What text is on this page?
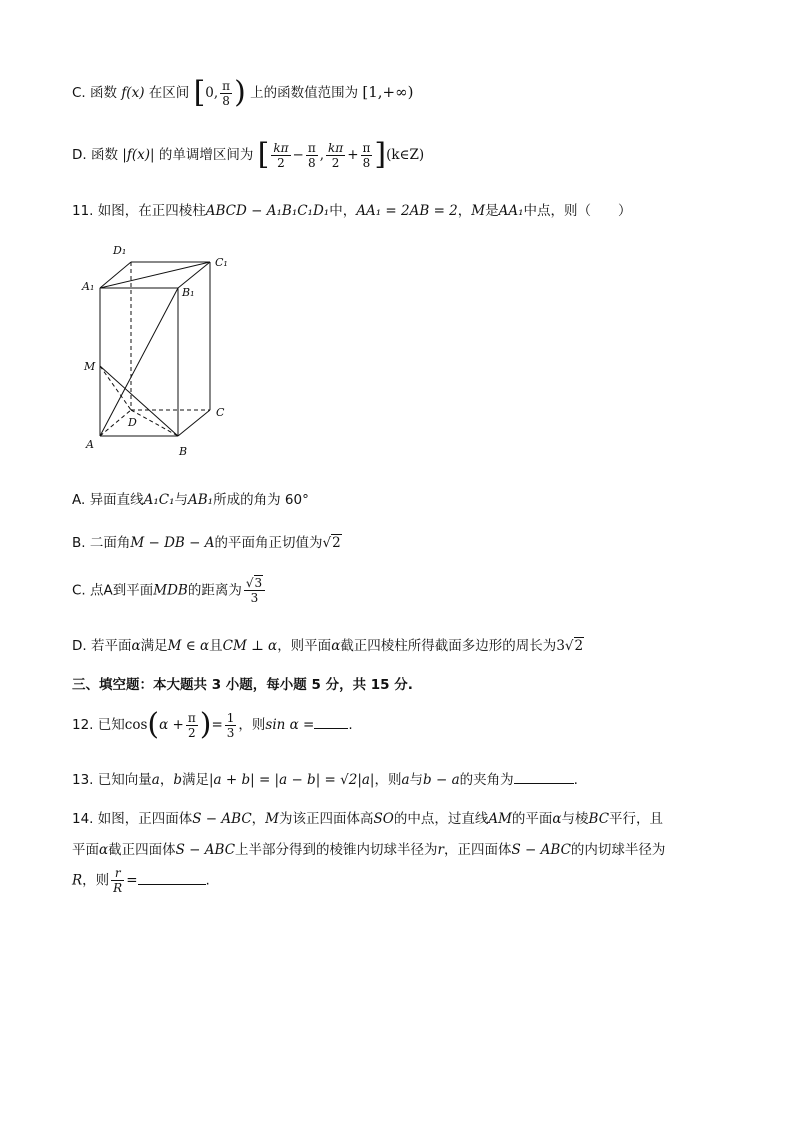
C. 函数 f(x) 在区间 [0, $\frac{\pi}{8}$ ) 上的函数值范围为 [1,+∞)
D. 函数 |f(x)| 的单调增区间为 [ $\frac{k\pi}{2} - \frac{\pi}{8}$ , $\frac{k\pi}{2} + \frac{\pi}{8}$ ](k∈Z)
11. 如图，在正四棱柱ABCD − A₁B₁C₁D₁中，AA₁ = 2AB = 2，M是AA₁中点，则（　　）
D₁
C₁
A₁	B₁
M
D
C
A
B
A. 异面直线A₁C₁与AB₁所成的角为 60°
B. 二面角M − DB − A的平面角正切值为√2
C. 点A到平面MDB的距离为 $\frac{√3}{3}$
D. 若平面α满足M ∈ α且CM ⊥ α，则平面α截正四棱柱所得截面多边形的周长为3√2
三、填空题：本大题共 3 小题，每小题 5 分，共 15 分.
12. 已知$\cos(\alpha + \frac{\pi}{2}$ )= $\frac{1}{3}$ ，则sin α =	.
13. 已知向量a，b满足|a + b| = |a − b| = √2|a|，则a与b − a的夹角为	.
14. 如图，正四面体S − ABC，M为该正四面体高SO的中点，过直线AM的平面α与棱BC平行，且
平面α截正四面体S − ABC上半部分得到的棱锥内切球半径为r，正四面体S − ABC的内切球半径为
R，则 $\frac{r}{R}$ =	.
